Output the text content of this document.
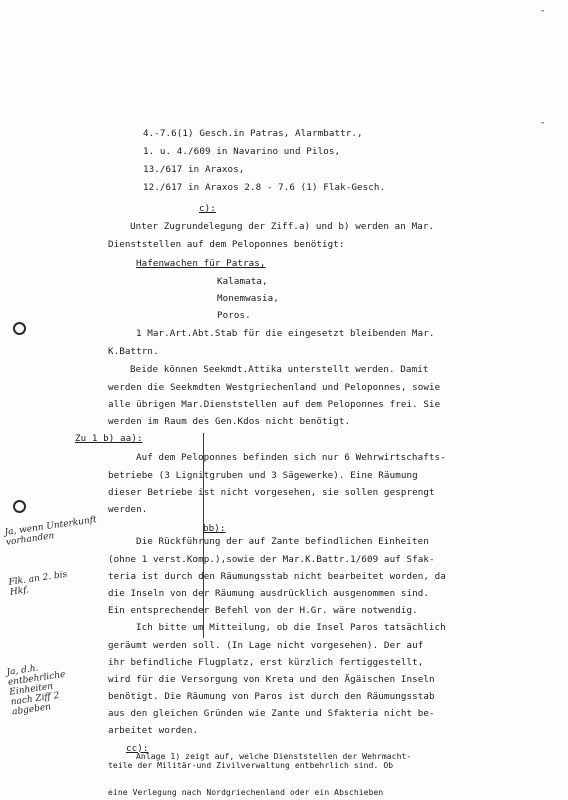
4.-7.6(1) Gesch.in Patras, Alarmbattr.,
1. u. 4./609 in Navarino und Pilos,
13./617 in Araxos,
12./617 in Araxos 2.8 - 7.6 (1) Flak-Gesch.
c):
Unter Zugrundelegung der Ziff.a) und b) werden an Mar.
Dienststellen auf dem Peloponnes benötigt:
Hafenwachen für Patras,
Kalamata,
Monemwasia,
Poros.
1 Mar.Art.Abt.Stab für die eingesetzt bleibenden Mar.
K.Battrn.
Beide können Seekmdt.Attika unterstellt werden. Damit
werden die Seekmdten Westgriechenland und Peloponnes, sowie
alle übrigen Mar.Dienststellen auf dem Peloponnes frei. Sie
werden im Raum des Gen.Kdos nicht benötigt.
Zu 1 b) aa):
Auf dem Peloponnes befinden sich nur 6 Wehrwirtschafts-
betriebe (3 Lignitgruben und 3 Sägewerke). Eine Räumung
dieser Betriebe ist nicht vorgesehen, sie sollen gesprengt
werden.
bb):
Die Rückführung der auf Zante befindlichen Einheiten
(ohne 1 verst.Komp.),sowie der Mar.K.Battr.1/609 auf Sfak-
teria ist durch den Räumungsstab nicht bearbeitet worden, da
die Inseln von der Räumung ausdrücklich ausgenommen sind.
Ein entsprechender Befehl von der H.Gr. wäre notwendig.
Ich bitte um Mitteilung, ob die Insel Paros tatsächlich
geräumt werden soll. (In Lage nicht vorgesehen). Der auf
ihr befindliche Flugplatz, erst kürzlich fertiggestellt,
wird für die Versorgung von Kreta und den Ägäischen Inseln
benötigt. Die Räumung von Paros ist durch den Räumungsstab
aus den gleichen Gründen wie Zante und Sfakteria nicht be-
arbeitet worden.
cc):
-
-
Ja, wenn Unterkunft
vorhanden
Flk. an 2. bis
Hkf.
Ja, d.h.
entbehrliche
Einheiten
nach Ziff 2
abgeben
Anlage 1) zeigt auf, welche Dienststellen der Wehrmacht-
teile der Militär-und Zivilverwaltung entbehrlich sind. Ob
eine Verlegung nach Nordgriechenland oder ein Abschieben
